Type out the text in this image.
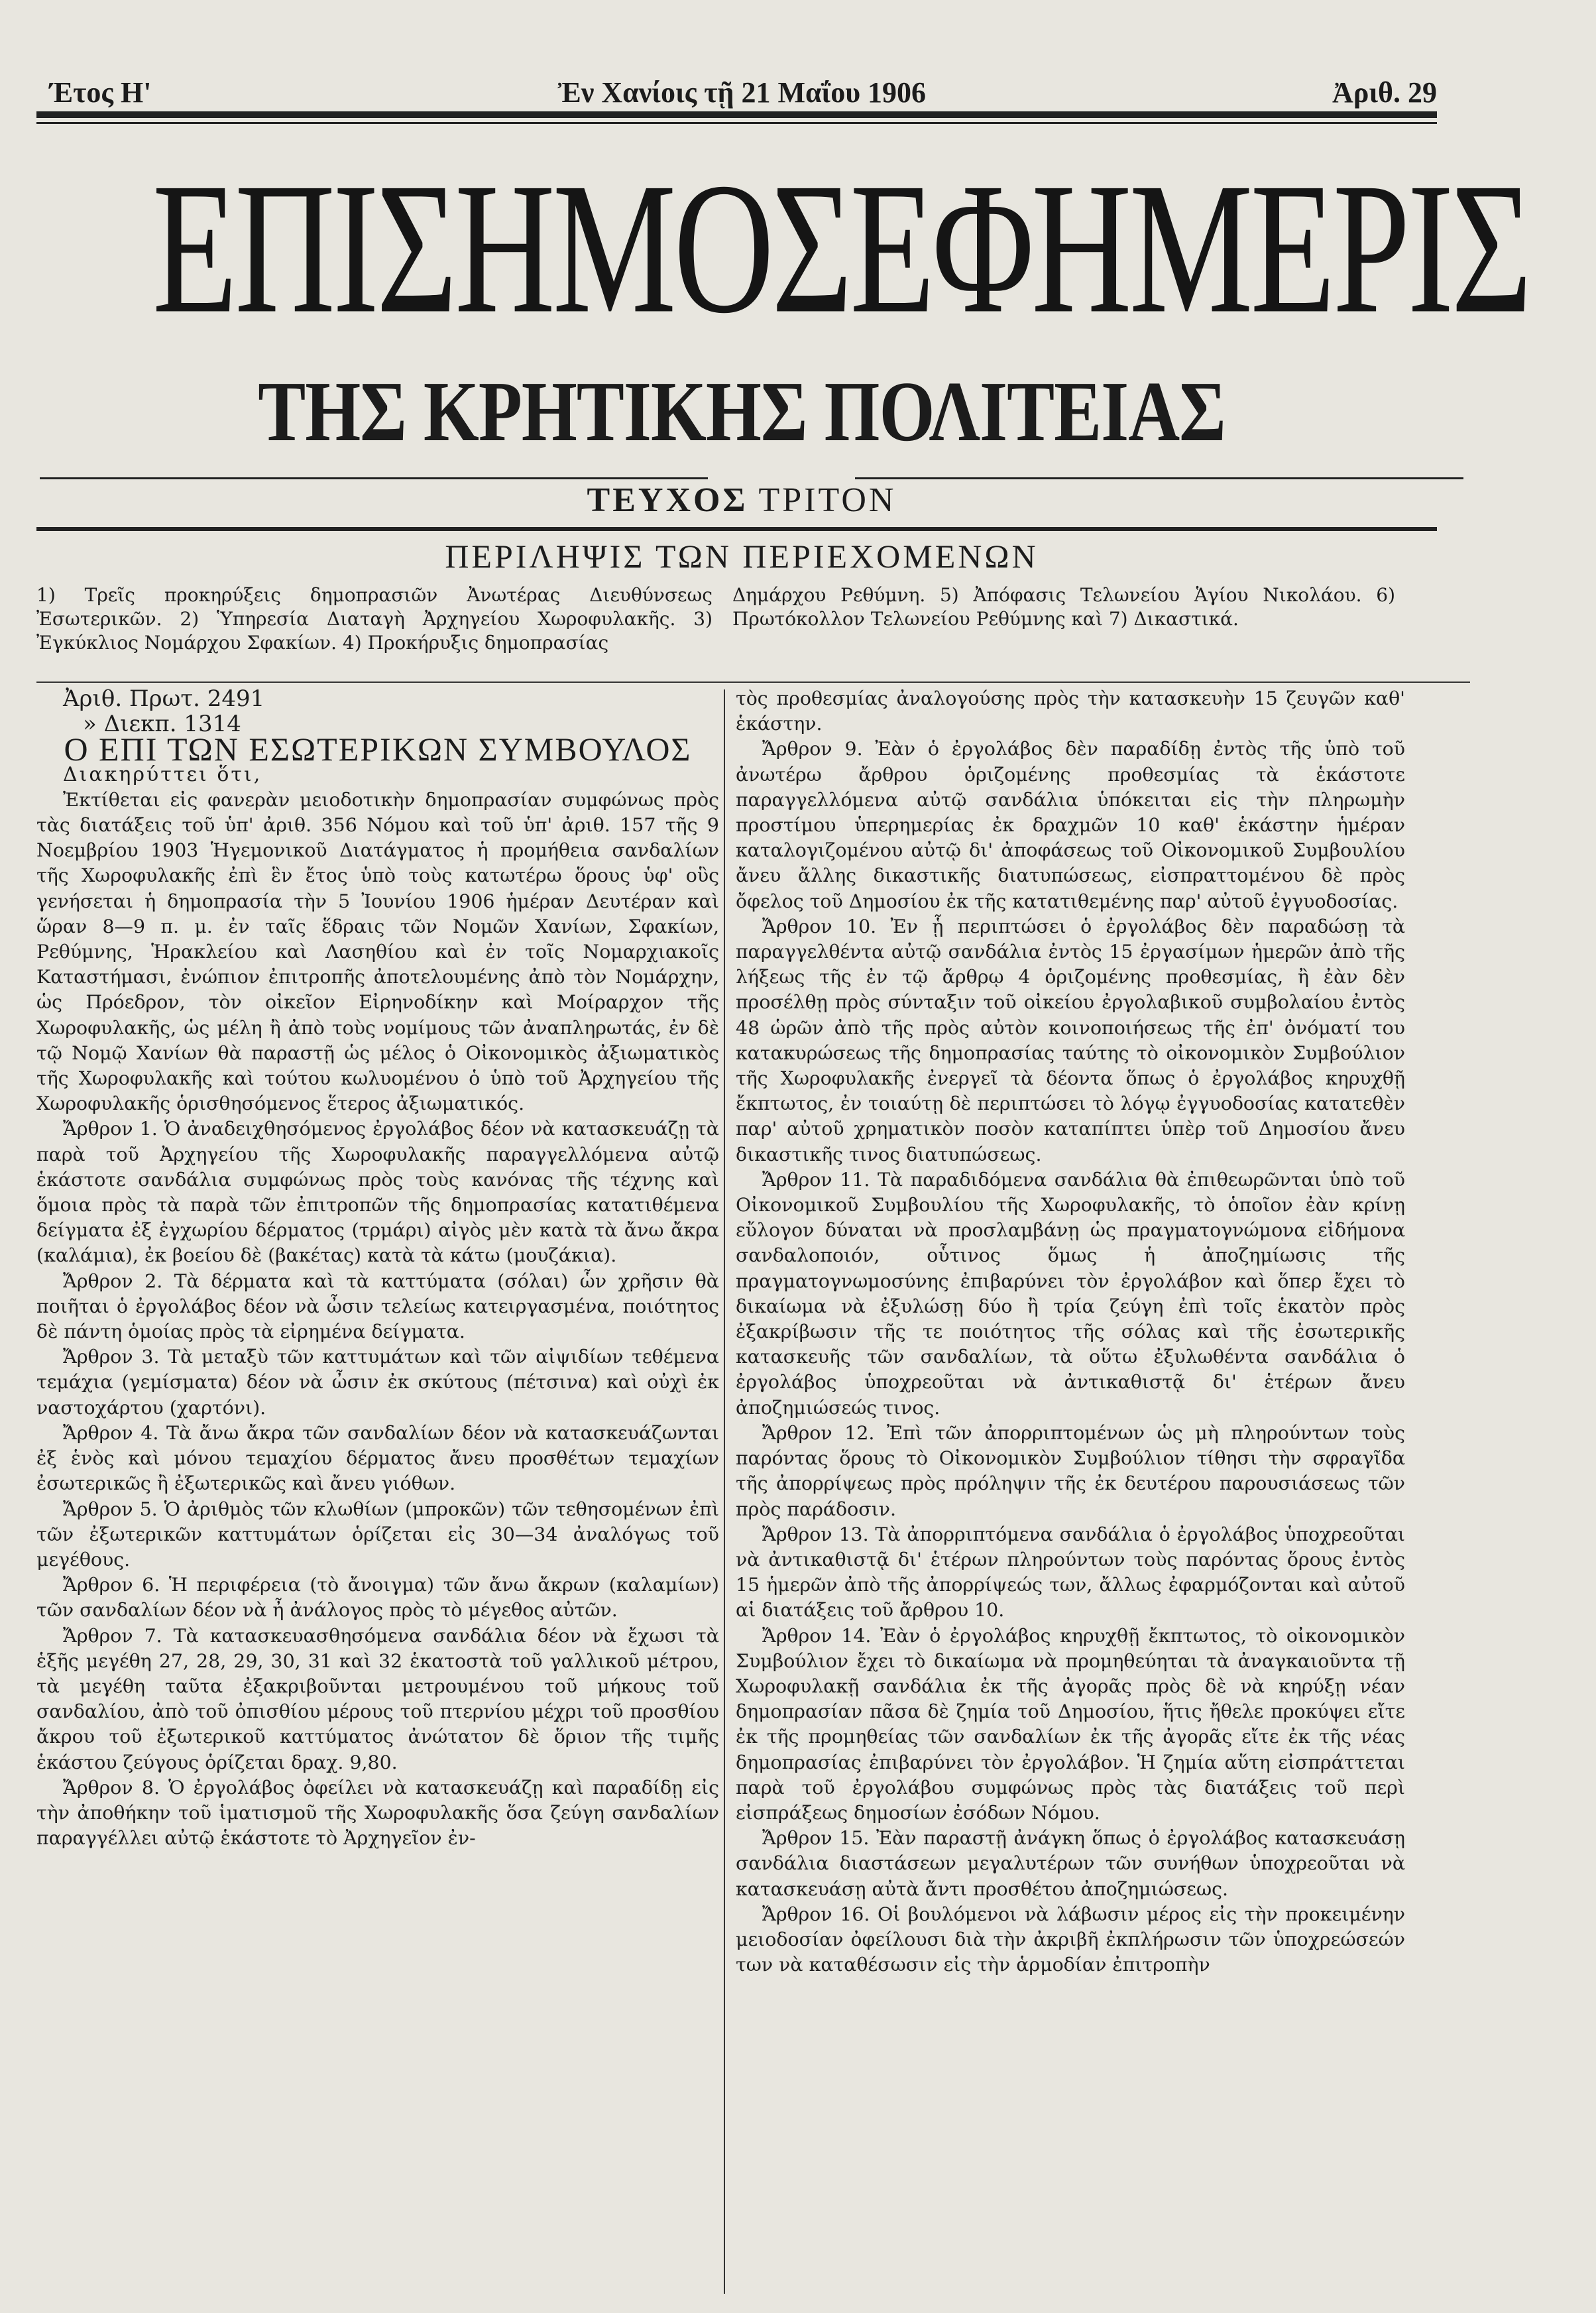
Έτος Η'	Ἐν Χανίοις τῇ 21 Μαΐου 1906	Ἀριθ. 29
ΕΠΙΣΗΜΟΣ ΕΦΗΜΕΡΙΣ
ΤΗΣ ΚΡΗΤΙΚΗΣ ΠΟΛΙΤΕΙΑΣ
ΤΕΥΧΟΣ ΤΡΙΤΟΝ
ΠΕΡΙΛΗΨΙΣ ΤΩΝ ΠΕΡΙΕΧΟΜΕΝΩΝ
1) Τρεῖς προκηρύξεις δημοπρασιῶν Ἀνωτέρας Διευθύνσεως Ἐσωτερικῶν. 2) Ὑπηρεσία Διαταγὴ Ἀρχηγείου Χωροφυλακῆς. 3) Ἐγκύκλιος Νομάρχου Σφακίων. 4) Προκήρυξις δημοπρασίας
Δημάρχου Ρεθύμνη. 5) Ἀπόφασις Τελωνείου Ἁγίου Νικολάου. 6) Πρωτόκολλον Τελωνείου Ρεθύμνης καὶ 7) Δικαστικά.
Ἀριθ. Πρωτ. 2491
» Διεκπ. 1314

Ο ΕΠΙ ΤΩΝ ΕΣΩΤΕΡΙΚΩΝ ΣΥΜΒΟΥΛΟΣ

Διακηρύττει ὅτι,

Ἐκτίθεται εἰς φανερὰν μειοδοτικὴν δημοπρασίαν συμφώνως πρὸς τὰς διατάξεις τοῦ ὑπ' ἀριθ. 356 Νόμου καὶ τοῦ ὑπ' ἀριθ. 157 τῆς 9 Νοεμβρίου 1903 Ἡγεμονικοῦ Διατάγματος ἡ προμήθεια σανδαλίων τῆς Χωροφυλακῆς ἐπὶ ἓν ἔτος ὑπὸ τοὺς κατωτέρω ὅρους ὑφ' οὓς γενήσεται ἡ δημοπρασία τὴν 5 Ἰουνίου 1906 ἡμέραν Δευτέραν καὶ ὥραν 8—9 π. μ. ἐν ταῖς ἕδραις τῶν Νομῶν Χανίων, Σφακίων, Ρεθύμνης, Ἡρακλείου καὶ Λασηθίου καὶ ἐν τοῖς Νομαρχιακοῖς Καταστήμασι, ἐνώπιον ἐπιτροπῆς ἀποτελουμένης ἀπὸ τὸν Νομάρχην, ὡς Πρόεδρον, τὸν οἰκεῖον Εἰρηνοδίκην καὶ Μοίραρχον τῆς Χωροφυλακῆς, ὡς μέλη ἢ ἀπὸ τοὺς νομίμους τῶν ἀναπληρωτάς, ἐν δὲ τῷ Νομῷ Χανίων θὰ παραστῇ ὡς μέλος ὁ Οἰκονομικὸς ἀξιωματικὸς τῆς Χωροφυλακῆς καὶ τούτου κωλυομένου ὁ ὑπὸ τοῦ Ἀρχηγείου τῆς Χωροφυλακῆς ὁρισθησόμενος ἕτερος ἀξιωματικός.

Ἄρθρον 1. Ὁ ἀναδειχθησόμενος ἐργολάβος δέον νὰ κατασκευάζῃ τὰ παρὰ τοῦ Ἀρχηγείου τῆς Χωροφυλακῆς παραγγελλόμενα αὐτῷ ἑκάστοτε σανδάλια συμφώνως πρὸς τοὺς κανόνας τῆς τέχνης καὶ ὅμοια πρὸς τὰ παρὰ τῶν ἐπιτροπῶν τῆς δημοπρασίας κατατιθέμενα δείγματα ἐξ ἐγχωρίου δέρματος (τρμάρι) αἰγὸς μὲν κατὰ τὰ ἄνω ἄκρα (καλάμια), ἐκ βοείου δὲ (βακέτας) κατὰ τὰ κάτω (μουζάκια).

Ἄρθρον 2. Τὰ δέρματα καὶ τὰ καττύματα (σόλαι) ὧν χρῆσιν θὰ ποιῆται ὁ ἐργολάβος δέον νὰ ὦσιν τελείως κατειργασμένα, ποιότητος δὲ πάντη ὁμοίας πρὸς τὰ εἰρημένα δείγματα.

Ἄρθρον 3. Τὰ μεταξὺ τῶν καττυμάτων καὶ τῶν αἰψιδίων τεθέμενα τεμάχια (γεμίσματα) δέον νὰ ὦσιν ἐκ σκύτους (πέτσινα) καὶ οὐχὶ ἐκ ναστοχάρτου (χαρτόνι).

Ἄρθρον 4. Τὰ ἄνω ἄκρα τῶν σανδαλίων δέον νὰ κατασκευάζωνται ἐξ ἑνὸς καὶ μόνου τεμαχίου δέρματος ἄνευ προσθέτων τεμαχίων ἐσωτερικῶς ἢ ἐξωτερικῶς καὶ ἄνευ γιόθων.

Ἄρθρον 5. Ὁ ἀριθμὸς τῶν κλωθίων (μπροκῶν) τῶν τεθησομένων ἐπὶ τῶν ἐξωτερικῶν καττυμάτων ὁρίζεται εἰς 30—34 ἀναλόγως τοῦ μεγέθους.

Ἄρθρον 6. Ἡ περιφέρεια (τὸ ἄνοιγμα) τῶν ἄνω ἄκρων (καλαμίων) τῶν σανδαλίων δέον νὰ ἦ ἀνάλογος πρὸς τὸ μέγεθος αὐτῶν.

Ἄρθρον 7. Τὰ κατασκευασθησόμενα σανδάλια δέον νὰ ἔχωσι τὰ ἑξῆς μεγέθη 27, 28, 29, 30, 31 καὶ 32 ἑκατοστὰ τοῦ γαλλικοῦ μέτρου, τὰ μεγέθη ταῦτα ἐξακριβοῦνται μετρουμένου τοῦ μήκους τοῦ σανδαλίου, ἀπὸ τοῦ ὀπισθίου μέρους τοῦ πτερνίου μέχρι τοῦ προσθίου ἄκρου τοῦ ἐξωτερικοῦ καττύματος ἀνώτατον δὲ ὅριον τῆς τιμῆς ἑκάστου ζεύγους ὁρίζεται δραχ. 9,80.

Ἄρθρον 8. Ὁ ἐργολάβος ὀφείλει νὰ κατασκευάζῃ καὶ παραδίδῃ εἰς τὴν ἀποθήκην τοῦ ἱματισμοῦ τῆς Χωροφυλακῆς ὅσα ζεύγη σανδαλίων παραγγέλλει αὐτῷ ἑκάστοτε τὸ Ἀρχηγεῖον ἐν-

τὸς προθεσμίας ἀναλογούσης πρὸς τὴν κατασκευὴν 15 ζευγῶν καθ' ἑκάστην.

Ἄρθρον 9. Ἐὰν ὁ ἐργολάβος δὲν παραδίδῃ ἐντὸς τῆς ὑπὸ τοῦ ἀνωτέρω ἄρθρου ὁριζομένης προθεσμίας τὰ ἑκάστοτε παραγγελλόμενα αὐτῷ σανδάλια ὑπόκειται εἰς τὴν πληρωμὴν προστίμου ὑπερημερίας ἐκ δραχμῶν 10 καθ' ἑκάστην ἡμέραν καταλογιζομένου αὐτῷ δι' ἀποφάσεως τοῦ Οἰκονομικοῦ Συμβουλίου ἄνευ ἄλλης δικαστικῆς διατυπώσεως, εἰσπραττομένου δὲ πρὸς ὄφελος τοῦ Δημοσίου ἐκ τῆς κατατιθεμένης παρ' αὐτοῦ ἐγγυοδοσίας.

Ἄρθρον 10. Ἐν ᾗ περιπτώσει ὁ ἐργολάβος δὲν παραδώσῃ τὰ παραγγελθέντα αὐτῷ σανδάλια ἐντὸς 15 ἐργασίμων ἡμερῶν ἀπὸ τῆς λήξεως τῆς ἐν τῷ ἄρθρῳ 4 ὁριζομένης προθεσμίας, ἢ ἐὰν δὲν προσέλθῃ πρὸς σύνταξιν τοῦ οἰκείου ἐργολαβικοῦ συμβολαίου ἐντὸς 48 ὡρῶν ἀπὸ τῆς πρὸς αὐτὸν κοινοποιήσεως τῆς ἐπ' ὀνόματί του κατακυρώσεως τῆς δημοπρασίας ταύτης τὸ οἰκονομικὸν Συμβούλιον τῆς Χωροφυλακῆς ἐνεργεῖ τὰ δέοντα ὅπως ὁ ἐργολάβος κηρυχθῇ ἔκπτωτος, ἐν τοιαύτῃ δὲ περιπτώσει τὸ λόγῳ ἐγγυοδοσίας κατατεθὲν παρ' αὐτοῦ χρηματικὸν ποσὸν καταπίπτει ὑπὲρ τοῦ Δημοσίου ἄνευ δικαστικῆς τινος διατυπώσεως.

Ἄρθρον 11. Τὰ παραδιδόμενα σανδάλια θὰ ἐπιθεωρῶνται ὑπὸ τοῦ Οἰκονομικοῦ Συμβουλίου τῆς Χωροφυλακῆς, τὸ ὁποῖον ἐὰν κρίνῃ εὔλογον δύναται νὰ προσλαμβάνῃ ὡς πραγματογνώμονα εἰδήμονα σανδαλοποιόν, οὗτινος ὅμως ἡ ἀποζημίωσις τῆς πραγματογνωμοσύνης ἐπιβαρύνει τὸν ἐργολάβον καὶ ὅπερ ἔχει τὸ δικαίωμα νὰ ἐξυλώσῃ δύο ἢ τρία ζεύγη ἐπὶ τοῖς ἑκατὸν πρὸς ἐξακρίβωσιν τῆς τε ποιότητος τῆς σόλας καὶ τῆς ἐσωτερικῆς κατασκευῆς τῶν σανδαλίων, τὰ οὕτω ἐξυλωθέντα σανδάλια ὁ ἐργολάβος ὑποχρεοῦται νὰ ἀντικαθιστᾷ δι' ἑτέρων ἄνευ ἀποζημιώσεώς τινος.

Ἄρθρον 12. Ἐπὶ τῶν ἀπορριπτομένων ὡς μὴ πληρούντων τοὺς παρόντας ὅρους τὸ Οἰκονομικὸν Συμβούλιον τίθησι τὴν σφραγῖδα τῆς ἀπορρίψεως πρὸς πρόληψιν τῆς ἐκ δευτέρου παρουσιάσεως τῶν πρὸς παράδοσιν.

Ἄρθρον 13. Τὰ ἀπορριπτόμενα σανδάλια ὁ ἐργολάβος ὑποχρεοῦται νὰ ἀντικαθιστᾷ δι' ἑτέρων πληρούντων τοὺς παρόντας ὅρους ἐντὸς 15 ἡμερῶν ἀπὸ τῆς ἀπορρίψεώς των, ἄλλως ἐφαρμόζονται καὶ αὐτοῦ αἱ διατάξεις τοῦ ἄρθρου 10.

Ἄρθρον 14. Ἐὰν ὁ ἐργολάβος κηρυχθῇ ἔκπτωτος, τὸ οἰκονομικὸν Συμβούλιον ἔχει τὸ δικαίωμα νὰ προμηθεύηται τὰ ἀναγκαιοῦντα τῇ Χωροφυλακῇ σανδάλια ἐκ τῆς ἀγορᾶς πρὸς δὲ νὰ κηρύξῃ νέαν δημοπρασίαν πᾶσα δὲ ζημία τοῦ Δημοσίου, ἥτις ἤθελε προκύψει εἴτε ἐκ τῆς προμηθείας τῶν σανδαλίων ἐκ τῆς ἀγορᾶς εἴτε ἐκ τῆς νέας δημοπρασίας ἐπιβαρύνει τὸν ἐργολάβον. Ἡ ζημία αὕτη εἰσπράττεται παρὰ τοῦ ἐργολάβου συμφώνως πρὸς τὰς διατάξεις τοῦ περὶ εἰσπράξεως δημοσίων ἐσόδων Νόμου.

Ἄρθρον 15. Ἐὰν παραστῇ ἀνάγκη ὅπως ὁ ἐργολάβος κατασκευάσῃ σανδάλια διαστάσεων μεγαλυτέρων τῶν συνήθων ὑποχρεοῦται νὰ κατασκευάσῃ αὐτὰ ἄντι προσθέτου ἀποζημιώσεως.

Ἄρθρον 16. Οἱ βουλόμενοι νὰ λάβωσιν μέρος εἰς τὴν προκειμένην μειοδοσίαν ὀφείλουσι διὰ τὴν ἀκριβῆ ἐκπλήρωσιν τῶν ὑποχρεώσεών των νὰ καταθέσωσιν εἰς τὴν ἁρμοδίαν ἐπιτροπὴν
